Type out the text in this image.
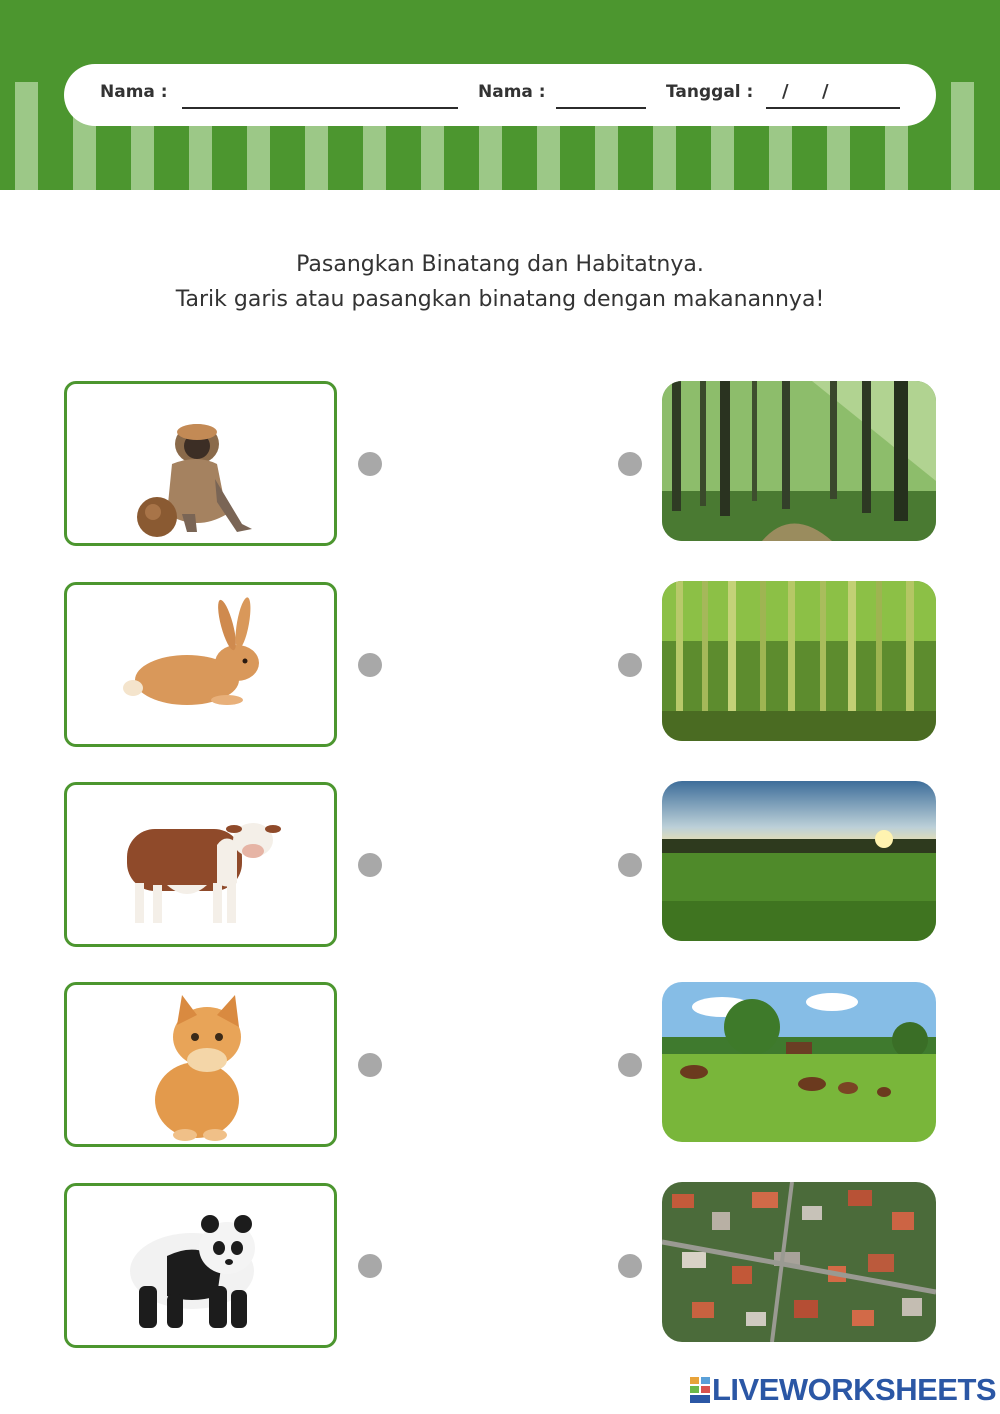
Nama :	Nama :	Tanggal : / /
Pasangkan Binatang dan Habitatnya.
Tarik garis atau pasangkan binatang dengan makanannya!
LIVEWORKSHEETS
